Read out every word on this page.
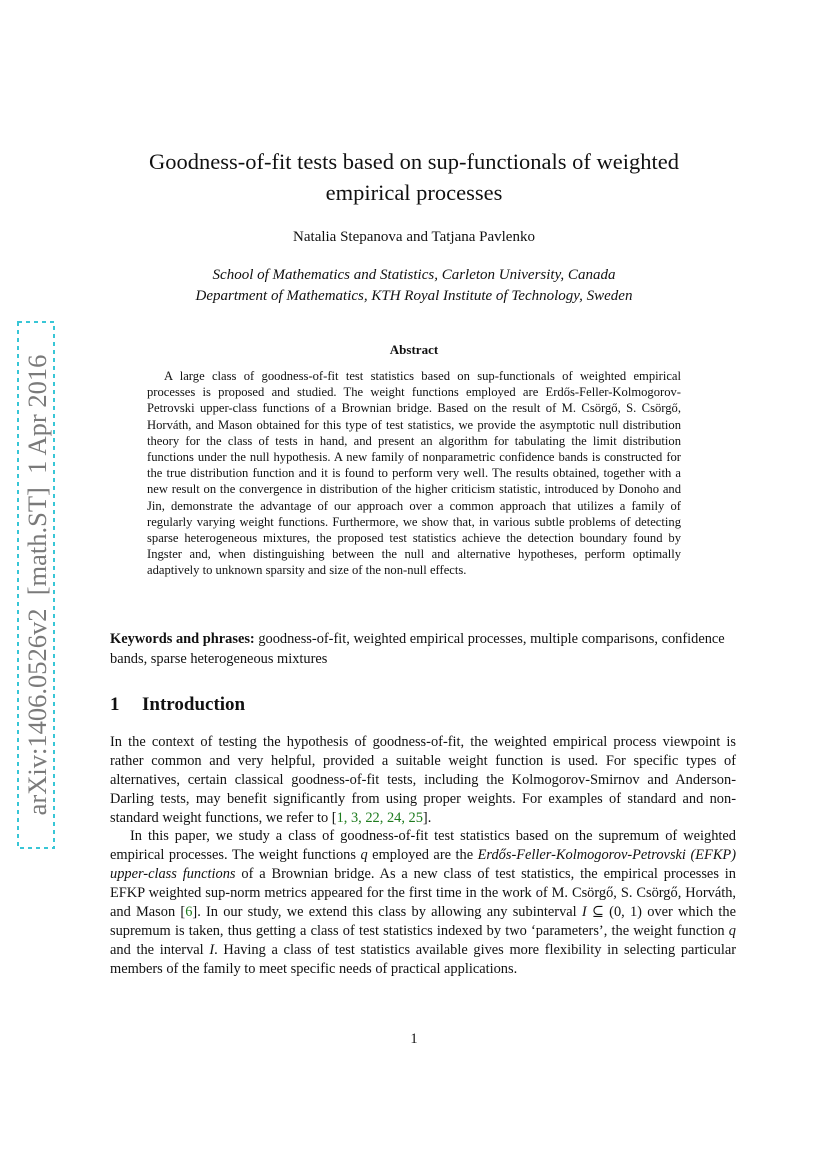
arXiv:1406.0526v2  [math.ST]  1 Apr 2016
Goodness-of-fit tests based on sup-functionals of weighted
empirical processes
Natalia Stepanova and Tatjana Pavlenko
School of Mathematics and Statistics, Carleton University, Canada
Department of Mathematics, KTH Royal Institute of Technology, Sweden
Abstract

A large class of goodness-of-fit test statistics based on sup-functionals of weighted empirical processes is proposed and studied. The weight functions employed are Erdős-Feller-Kolmogorov-Petrovski upper-class functions of a Brownian bridge. Based on the result of M. Csörgő, S. Csörgő, Horváth, and Mason obtained for this type of test statistics, we provide the asymptotic null distribution theory for the class of tests in hand, and present an algorithm for tabulating the limit distribution functions under the null hypothesis. A new family of nonparametric confidence bands is constructed for the true distribution function and it is found to perform very well. The results obtained, together with a new result on the convergence in distribution of the higher criticism statistic, introduced by Donoho and Jin, demonstrate the advantage of our approach over a common approach that utilizes a family of regularly varying weight functions. Furthermore, we show that, in various subtle problems of detecting sparse heterogeneous mixtures, the proposed test statistics achieve the detection boundary found by Ingster and, when distinguishing between the null and alternative hypotheses, perform optimally adaptively to unknown sparsity and size of the non-null effects.

Keywords and phrases: goodness-of-fit, weighted empirical processes, multiple comparisons, confidence bands, sparse heterogeneous mixtures

1 Introduction

In the context of testing the hypothesis of goodness-of-fit, the weighted empirical process viewpoint is rather common and very helpful, provided a suitable weight function is used. For specific types of alternatives, certain classical goodness-of-fit tests, including the Kolmogorov-Smirnov and Anderson-Darling tests, may benefit significantly from using proper weights. For examples of standard and non-standard weight functions, we refer to [1, 3, 22, 24, 25].

In this paper, we study a class of goodness-of-fit test statistics based on the supremum of weighted empirical processes. The weight functions q employed are the Erdős-Feller-Kolmogorov-Petrovski (EFKP) upper-class functions of a Brownian bridge. As a new class of test statistics, the empirical processes in EFKP weighted sup-norm metrics appeared for the first time in the work of M. Csörgő, S. Csörgő, Horváth, and Mason [6]. In our study, we extend this class by allowing any subinterval I ⊆ (0, 1) over which the supremum is taken, thus getting a class of test statistics indexed by two ‘parameters’, the weight function q and the interval I. Having a class of test statistics available gives more flexibility in selecting particular members of the family to meet specific needs of practical applications.

1
